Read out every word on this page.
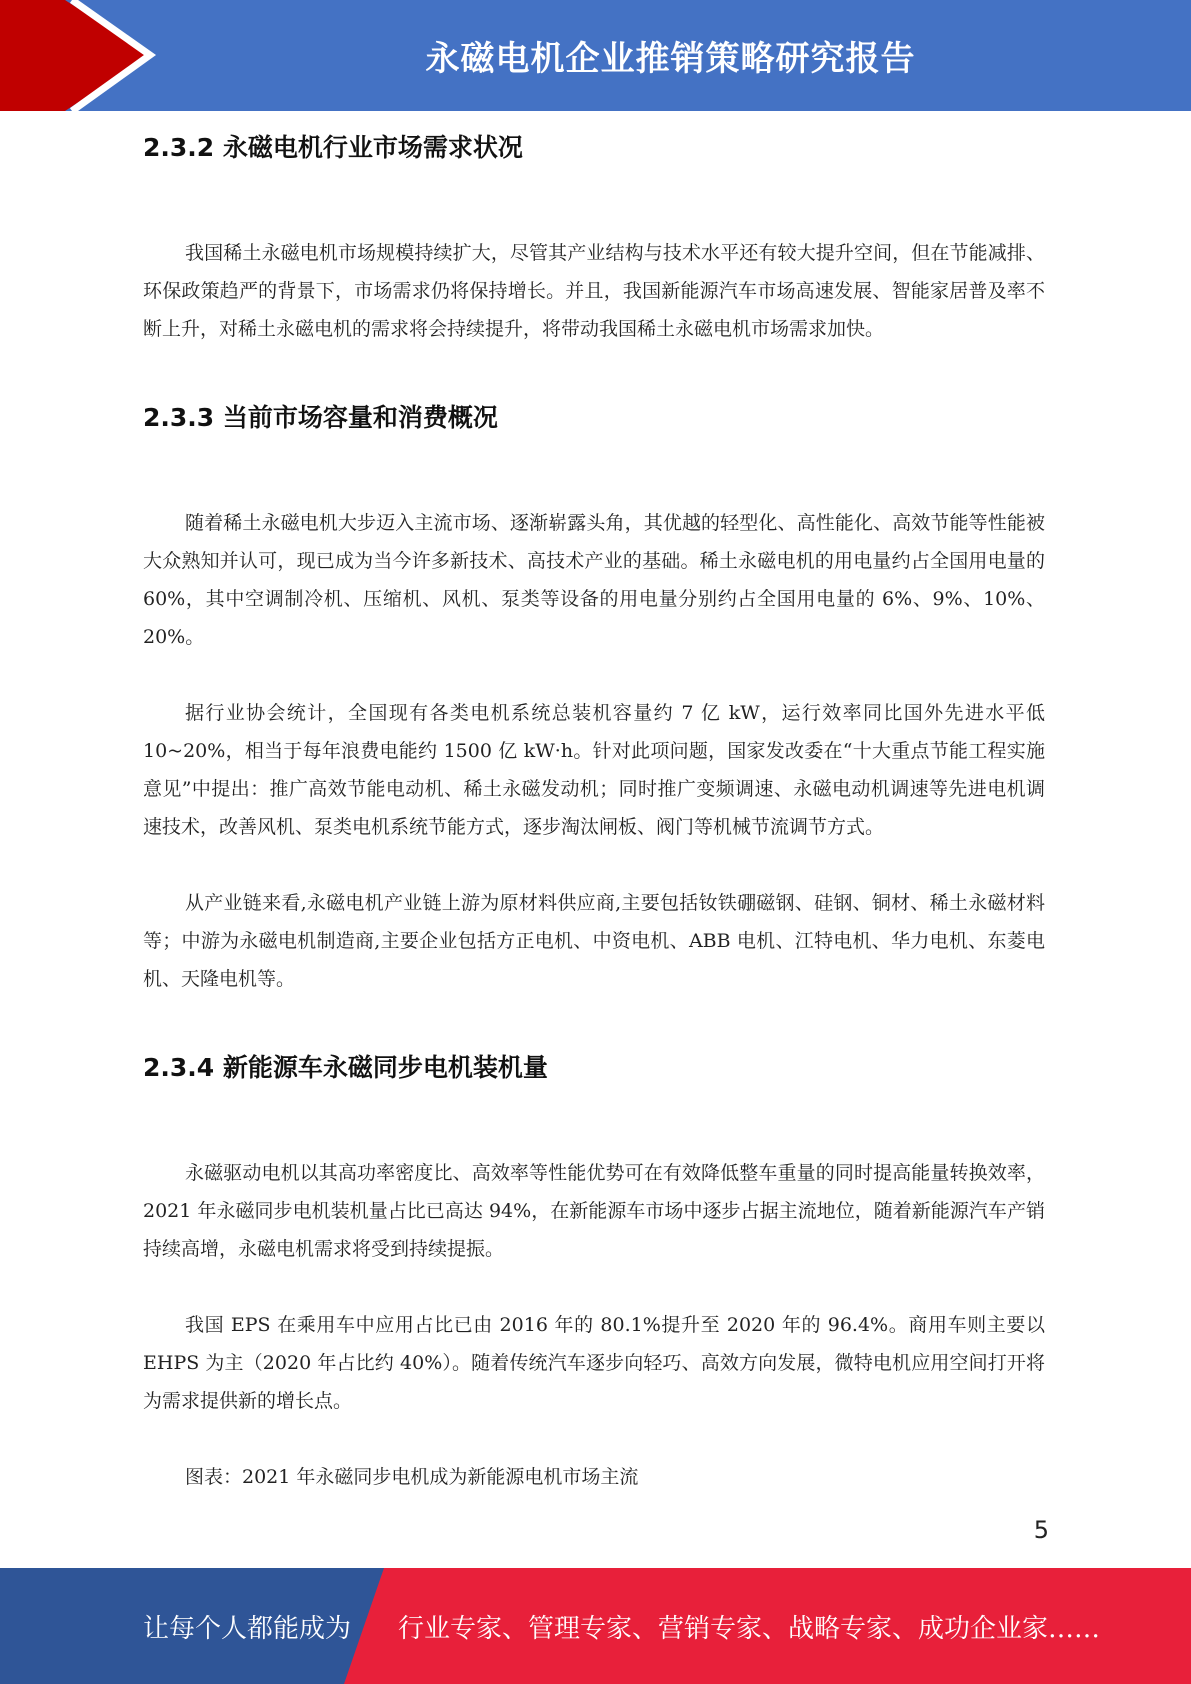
永磁电机企业推销策略研究报告
2.3.2 永磁电机行业市场需求状况

我国稀土永磁电机市场规模持续扩大，尽管其产业结构与技术水平还有较大提升空间，但在节能减排、环保政策趋严的背景下，市场需求仍将保持增长。并且，我国新能源汽车市场高速发展、智能家居普及率不断上升，对稀土永磁电机的需求将会持续提升，将带动我国稀土永磁电机市场需求加快。

2.3.3 当前市场容量和消费概况

随着稀土永磁电机大步迈入主流市场、逐渐崭露头角，其优越的轻型化、高性能化、高效节能等性能被大众熟知并认可，现已成为当今许多新技术、高技术产业的基础。稀土永磁电机的用电量约占全国用电量的 60%，其中空调制冷机、压缩机、风机、泵类等设备的用电量分别约占全国用电量的 6%、9%、10%、20%。

据行业协会统计，全国现有各类电机系统总装机容量约 7 亿 kW，运行效率同比国外先进水平低 10~20%，相当于每年浪费电能约 1500 亿 kW·h。针对此项问题，国家发改委在“十大重点节能工程实施意见”中提出：推广高效节能电动机、稀土永磁发动机；同时推广变频调速、永磁电动机调速等先进电机调速技术，改善风机、泵类电机系统节能方式，逐步淘汰闸板、阀门等机械节流调节方式。

从产业链来看,永磁电机产业链上游为原材料供应商,主要包括钕铁硼磁钢、硅钢、铜材、稀土永磁材料等；中游为永磁电机制造商,主要企业包括方正电机、中资电机、ABB 电机、江特电机、华力电机、东菱电机、天隆电机等。

2.3.4 新能源车永磁同步电机装机量

永磁驱动电机以其高功率密度比、高效率等性能优势可在有效降低整车重量的同时提高能量转换效率，2021 年永磁同步电机装机量占比已高达 94%，在新能源车市场中逐步占据主流地位，随着新能源汽车产销持续高增，永磁电机需求将受到持续提振。

我国 EPS 在乘用车中应用占比已由 2016 年的 80.1%提升至 2020 年的 96.4%。商用车则主要以 EHPS 为主（2020 年占比约 40%）。随着传统汽车逐步向轻巧、高效方向发展，微特电机应用空间打开将为需求提供新的增长点。

图表：2021 年永磁同步电机成为新能源电机市场主流

5
让每个人都能成为 行业专家、管理专家、营销专家、战略专家、成功企业家……
